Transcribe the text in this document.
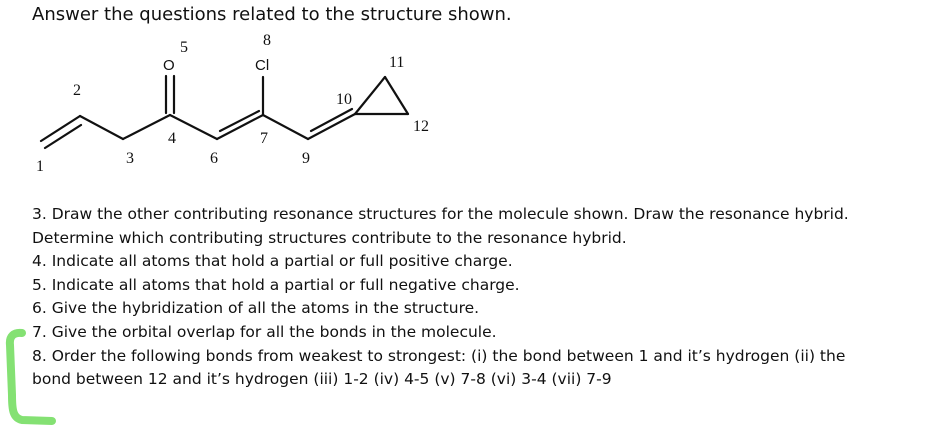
Answer the questions related to the structure shown.
O	Cl
1
2
3
4
5
6
7
8
9
10
11
12

3. Draw the other contributing resonance structures for the molecule shown. Draw the resonance hybrid.

Determine which contributing structures contribute to the resonance hybrid.

4. Indicate all atoms that hold a partial or full positive charge.

5. Indicate all atoms that hold a partial or full negative charge.

6. Give the hybridization of all the atoms in the structure.

7. Give the orbital overlap for all the bonds in the molecule.

8. Order the following bonds from weakest to strongest: (i) the bond between 1 and it’s hydrogen (ii) the

bond between 12 and it’s hydrogen (iii) 1-2 (iv) 4-5 (v) 7-8 (vi) 3-4 (vii) 7-9
